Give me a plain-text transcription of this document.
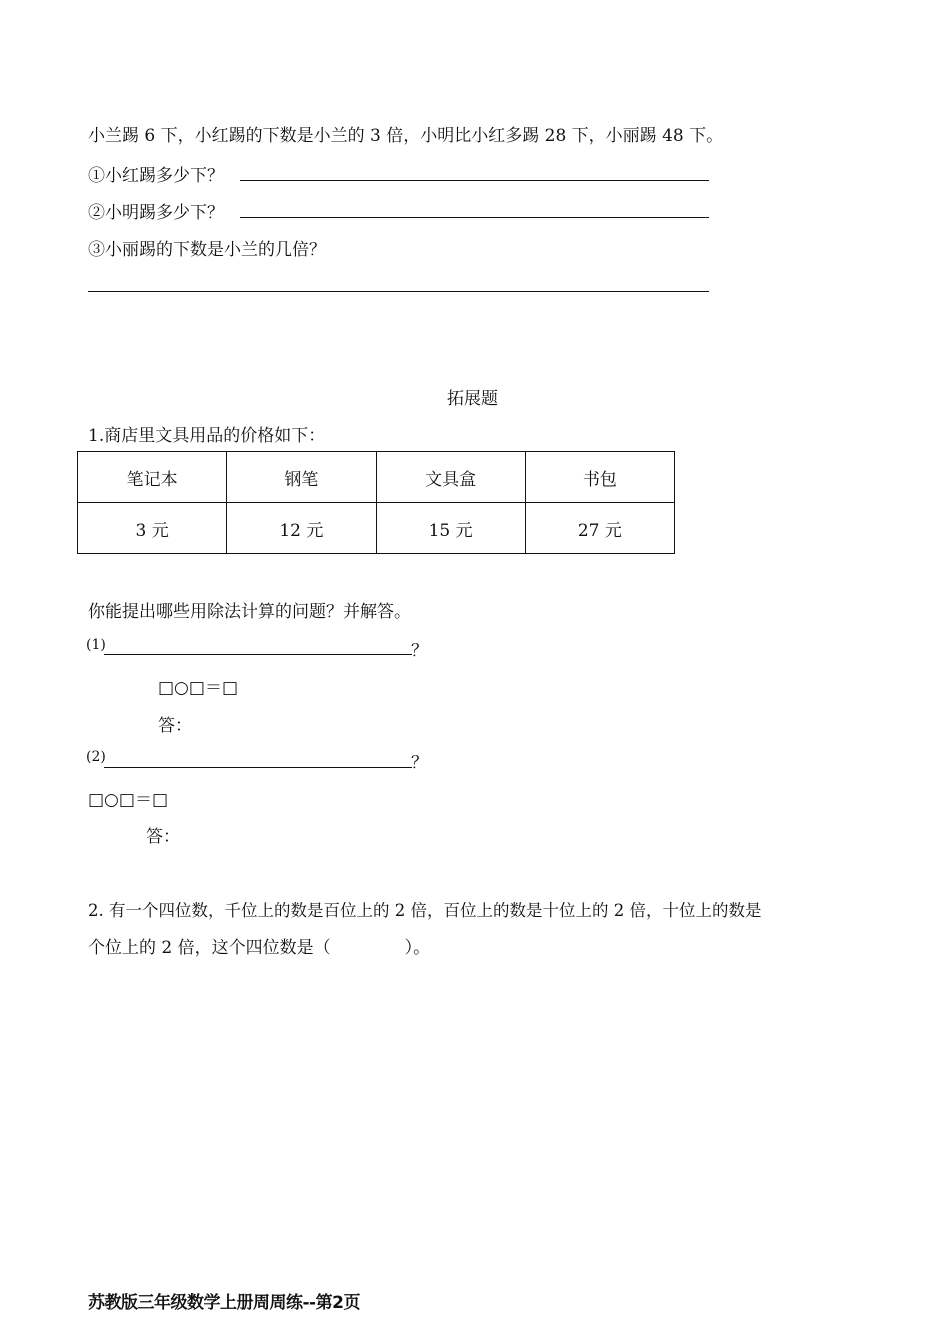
小兰踢 6 下，小红踢的下数是小兰的 3 倍，小明比小红多踢 28 下，小丽踢 48 下。
①小红踢多少下？
②小明踢多少下？
③小丽踢的下数是小兰的几倍？
拓展题
1.商店里文具用品的价格如下：
笔记本	钢笔	文具盒	书包
3 元	12 元	15 元	27 元
你能提出哪些用除法计算的问题？并解答。
(1)	？
□○□＝□
答：
(2)	？
□○□＝□
答：
2. 有一个四位数，千位上的数是百位上的 2 倍，百位上的数是十位上的 2 倍，十位上的数是
个位上的 2 倍，这个四位数是（	）。
苏教版三年级数学上册周周练--第2页
